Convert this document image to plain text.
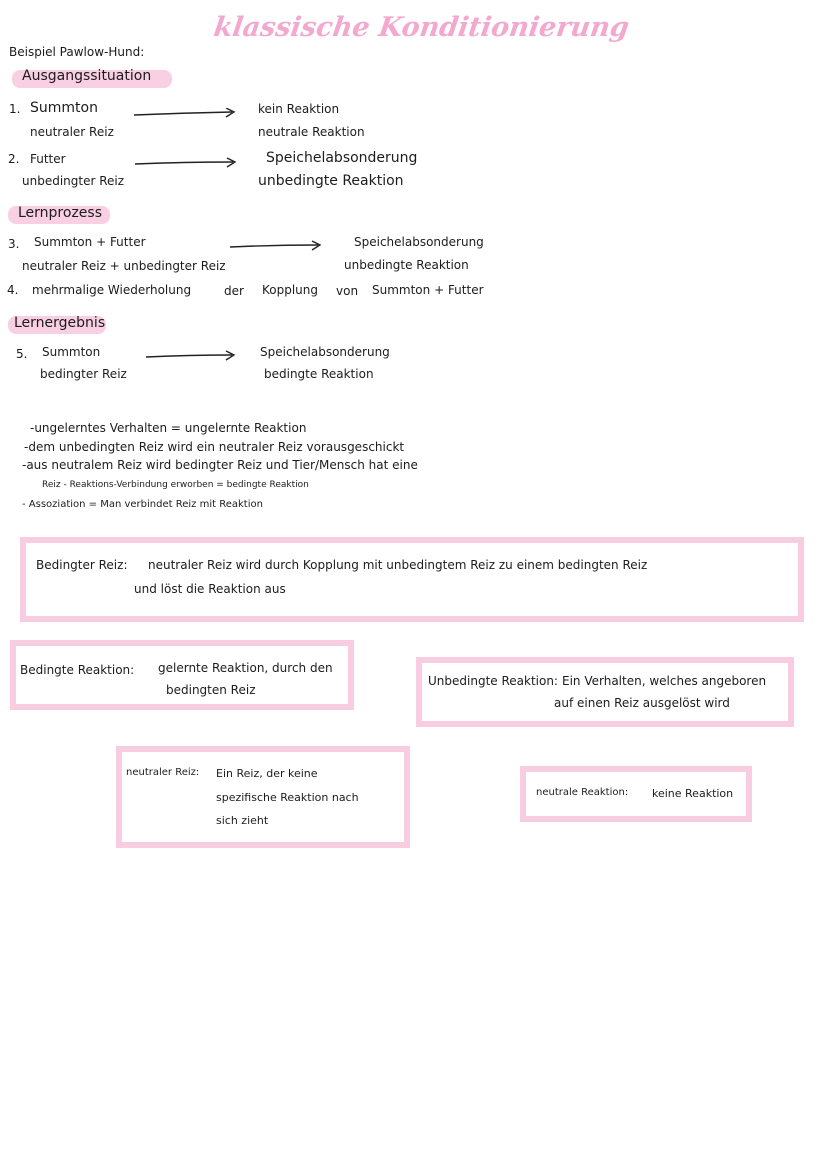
klassische Konditionierung
Beispiel Pawlow-Hund:
Ausgangssituation
1. Summton
neutraler Reiz
kein Reaktion
neutrale Reaktion
2. Futter
unbedingter Reiz
Speichelabsonderung
unbedingte Reaktion
Lernprozess
3. Summton + Futter
neutraler Reiz + unbedingter Reiz
Speichelabsonderung
unbedingte Reaktion
4. mehrmalige Wiederholung	der Kopplung von Summton + Futter
Lernergebnis
5. Summton
bedingter Reiz
Speichelabsonderung
bedingte Reaktion
-ungelerntes Verhalten = ungelernte Reaktion
-dem unbedingten Reiz wird ein neutraler Reiz vorausgeschickt
-aus neutralem Reiz wird bedingter Reiz und Tier/Mensch hat eine
Reiz - Reaktions-Verbindung erworben = bedingte Reaktion
- Assoziation = Man verbindet Reiz mit Reaktion
Bedingter Reiz: neutraler Reiz wird durch Kopplung mit unbedingtem Reiz zu einem bedingten Reiz
und löst die Reaktion aus
Bedingte Reaktion: gelernte Reaktion, durch den
bedingten Reiz
Unbedingte Reaktion: Ein Verhalten, welches angeboren
auf einen Reiz ausgelöst wird
neutraler Reiz: Ein Reiz, der keine
spezifische Reaktion nach
sich zieht
neutrale Reaktion: keine Reaktion
